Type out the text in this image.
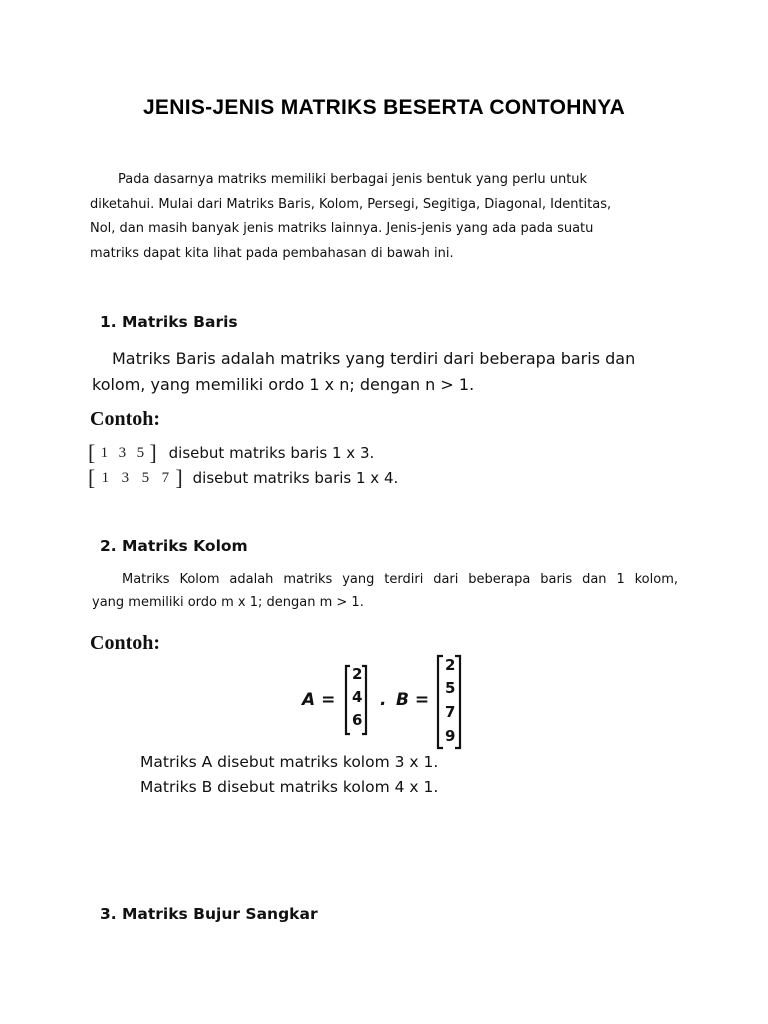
JENIS-JENIS MATRIKS BESERTA CONTOHNYA
Pada dasarnya matriks memiliki berbagai jenis bentuk yang perlu untuk
diketahui. Mulai dari Matriks Baris, Kolom, Persegi, Segitiga, Diagonal, Identitas,
Nol, dan masih banyak jenis matriks lainnya. Jenis-jenis yang ada pada suatu
matriks dapat kita lihat pada pembahasan di bawah ini.
1. Matriks Baris
Matriks Baris adalah matriks yang terdiri dari beberapa baris dan
kolom, yang memiliki ordo 1 x n; dengan n > 1.
Contoh:
[ 1 3 5 ] disebut matriks baris 1 x 3.
[ 1 3 5 7 ] disebut matriks baris 1 x 4.
2. Matriks Kolom
Matriks Kolom adalah matriks yang terdiri dari beberapa baris dan 1 kolom,
yang memiliki ordo m x 1; dengan m > 1.
Contoh:
A =
2
4
6
. B =
2
5
7
9
Matriks A disebut matriks kolom 3 x 1.
Matriks B disebut matriks kolom 4 x 1.
3. Matriks Bujur Sangkar
